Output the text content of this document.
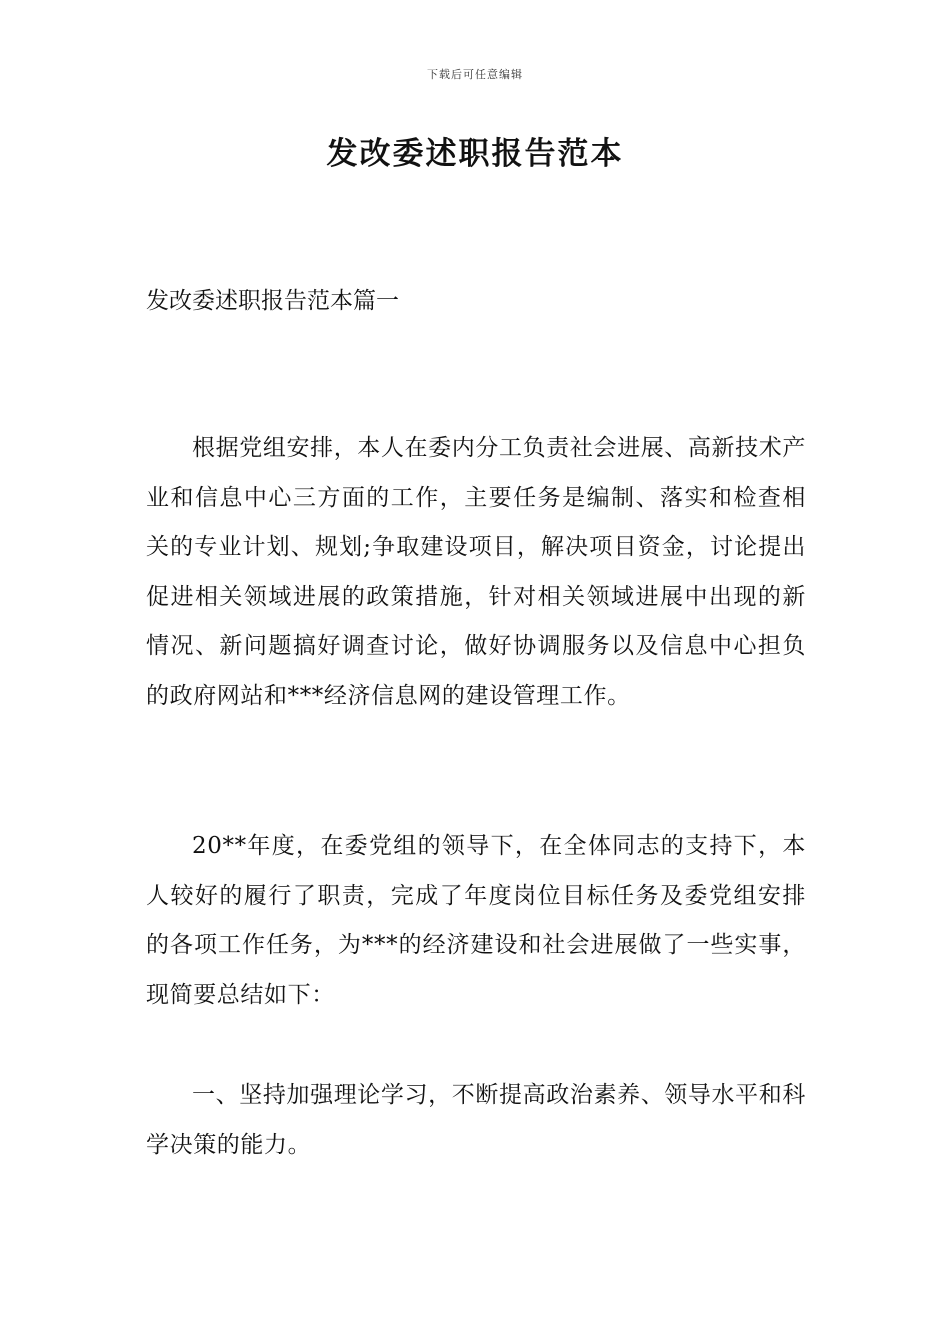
下载后可任意编辑
发改委述职报告范本
发改委述职报告范本篇一

根据党组安排，本人在委内分工负责社会进展、高新技术产业和信息中心三方面的工作，主要任务是编制、落实和检查相关的专业计划、规划;争取建设项目，解决项目资金，讨论提出促进相关领域进展的政策措施，针对相关领域进展中出现的新情况、新问题搞好调查讨论，做好协调服务以及信息中心担负的政府网站和***经济信息网的建设管理工作。

20**年度，在委党组的领导下，在全体同志的支持下，本人较好的履行了职责，完成了年度岗位目标任务及委党组安排的各项工作任务，为***的经济建设和社会进展做了一些实事，现简要总结如下：

一、坚持加强理论学习，不断提高政治素养、领导水平和科学决策的能力。
